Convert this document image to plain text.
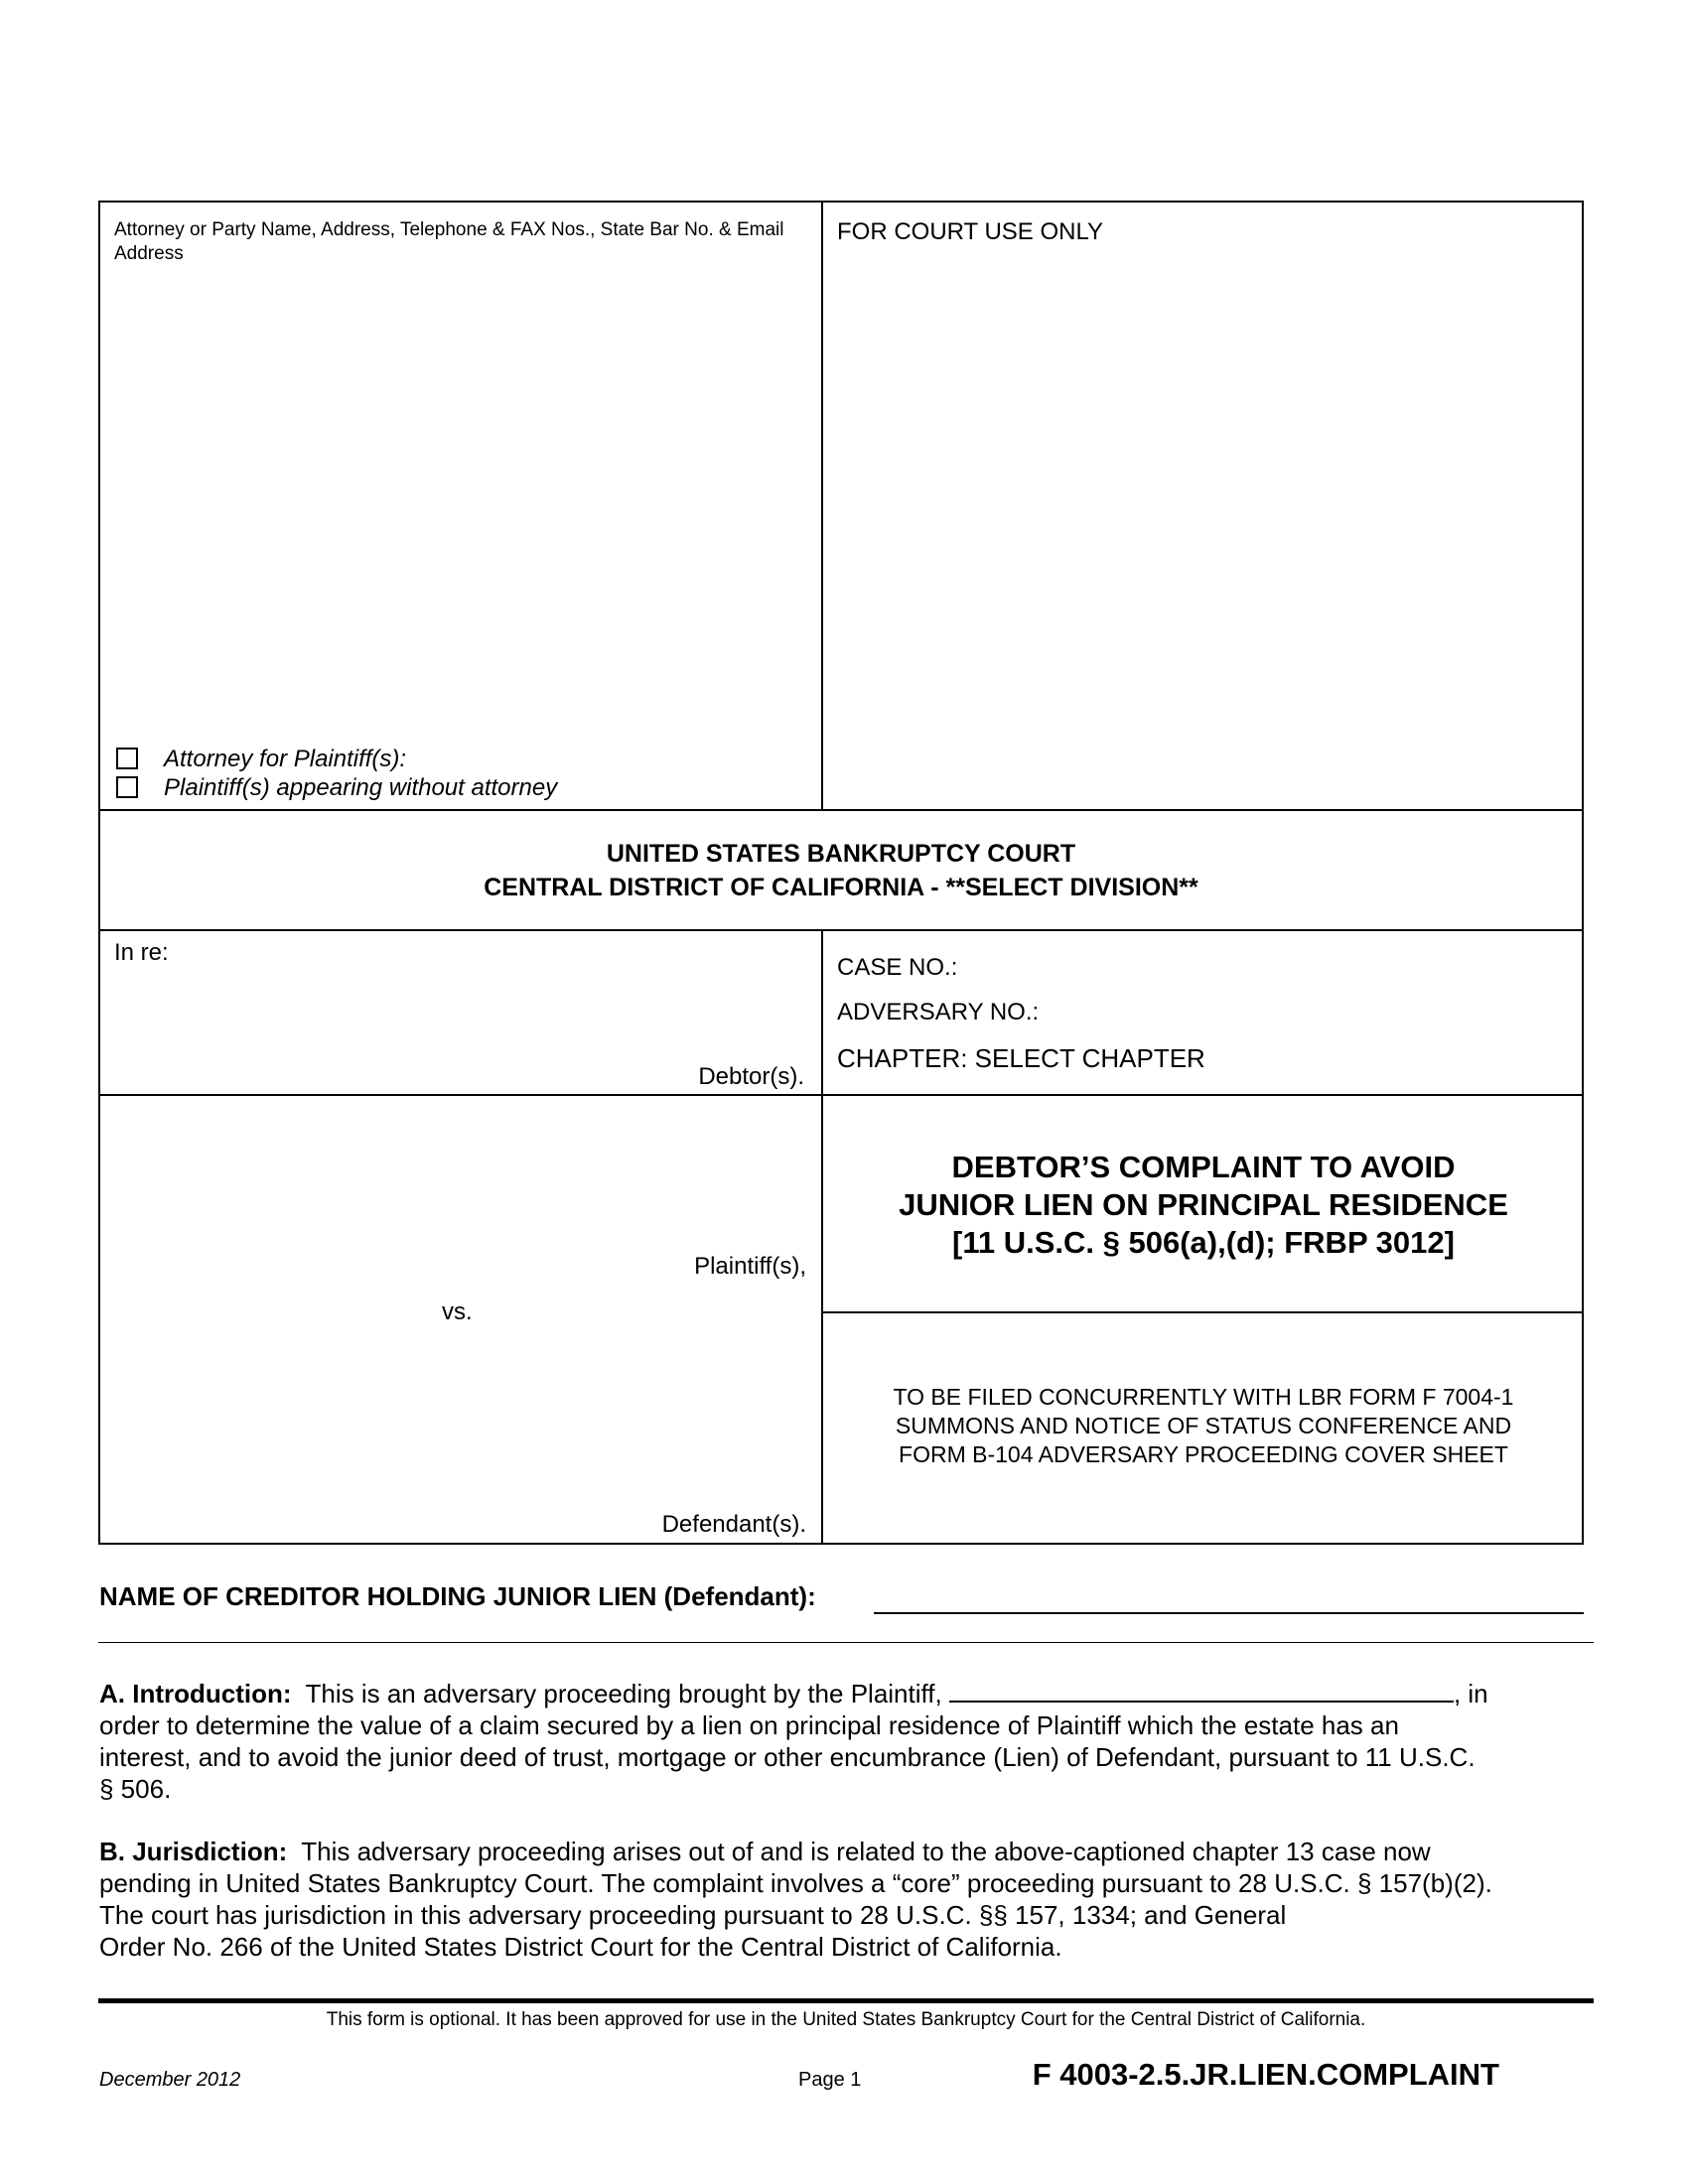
Attorney or Party Name, Address, Telephone & FAX Nos., State Bar No. & Email Address
FOR COURT USE ONLY
Attorney for Plaintiff(s):
Plaintiff(s) appearing without attorney
UNITED STATES BANKRUPTCY COURT
CENTRAL DISTRICT OF CALIFORNIA - **SELECT DIVISION**
In re:
Debtor(s).
CASE NO.:
ADVERSARY NO.:
CHAPTER: SELECT CHAPTER
Plaintiff(s),
vs.
Defendant(s).
DEBTOR’S COMPLAINT TO AVOID
JUNIOR LIEN ON PRINCIPAL RESIDENCE
[11 U.S.C. § 506(a),(d); FRBP 3012]
TO BE FILED CONCURRENTLY WITH LBR FORM F 7004-1
SUMMONS AND NOTICE OF STATUS CONFERENCE AND
FORM B-104 ADVERSARY PROCEEDING COVER SHEET
NAME OF CREDITOR HOLDING JUNIOR LIEN (Defendant):
A. Introduction: This is an adversary proceeding brought by the Plaintiff,	, in
order to determine the value of a claim secured by a lien on principal residence of Plaintiff which the estate has an
interest, and to avoid the junior deed of trust, mortgage or other encumbrance (Lien) of Defendant, pursuant to 11 U.S.C.
§ 506.
B. Jurisdiction: This adversary proceeding arises out of and is related to the above-captioned chapter 13 case now
pending in United States Bankruptcy Court. The complaint involves a “core” proceeding pursuant to 28 U.S.C. § 157(b)(2).
The court has jurisdiction in this adversary proceeding pursuant to 28 U.S.C. §§ 157, 1334; and General
Order No. 266 of the United States District Court for the Central District of California.
This form is optional. It has been approved for use in the United States Bankruptcy Court for the Central District of California.
December 2012	Page 1	F 4003-2.5.JR.LIEN.COMPLAINT
